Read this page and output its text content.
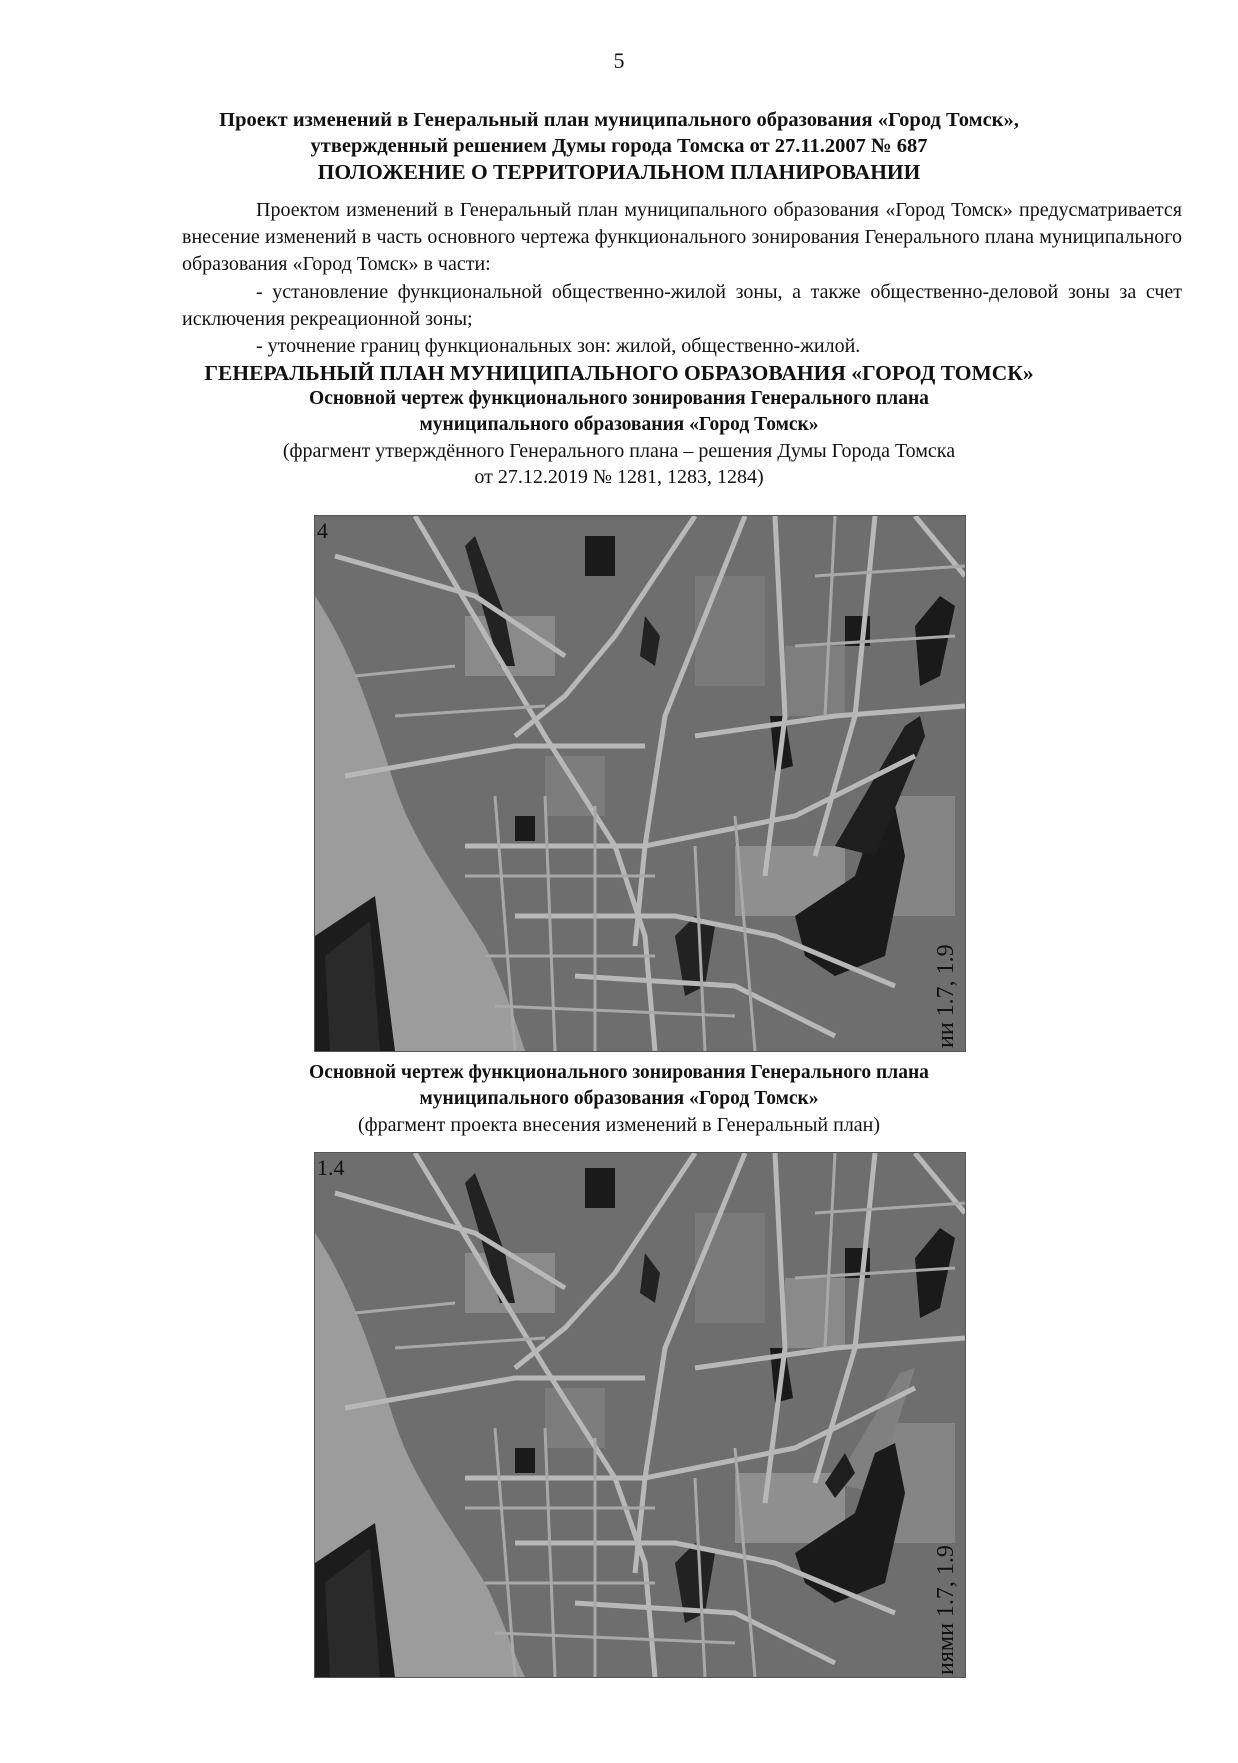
5
Проект изменений в Генеральный план муниципального образования «Город Томск»,
утвержденный решением Думы города Томска от 27.11.2007 № 687
ПОЛОЖЕНИЕ О ТЕРРИТОРИАЛЬНОМ ПЛАНИРОВАНИИ
Проектом изменений в Генеральный план муниципального образования «Город Томск» предусматривается внесение изменений в часть основного чертежа функционального зонирования Генерального плана муниципального образования «Город Томск» в части:
- установление функциональной общественно-жилой зоны, а также общественно-деловой зоны за счет исключения рекреационной зоны;
- уточнение границ функциональных зон: жилой, общественно-жилой.
ГЕНЕРАЛЬНЫЙ ПЛАН МУНИЦИПАЛЬНОГО ОБРАЗОВАНИЯ «ГОРОД ТОМСК»
Основной чертеж функционального зонирования Генерального плана
муниципального образования «Город Томск»
(фрагмент утверждённого Генерального плана – решения Думы Города Томска
от 27.12.2019 № 1281, 1283, 1284)
4
ии 1.7, 1.9
Основной чертеж функционального зонирования Генерального плана
муниципального образования «Город Томск»
(фрагмент проекта внесения изменений в Генеральный план)
1.4
иями 1.7, 1.9
